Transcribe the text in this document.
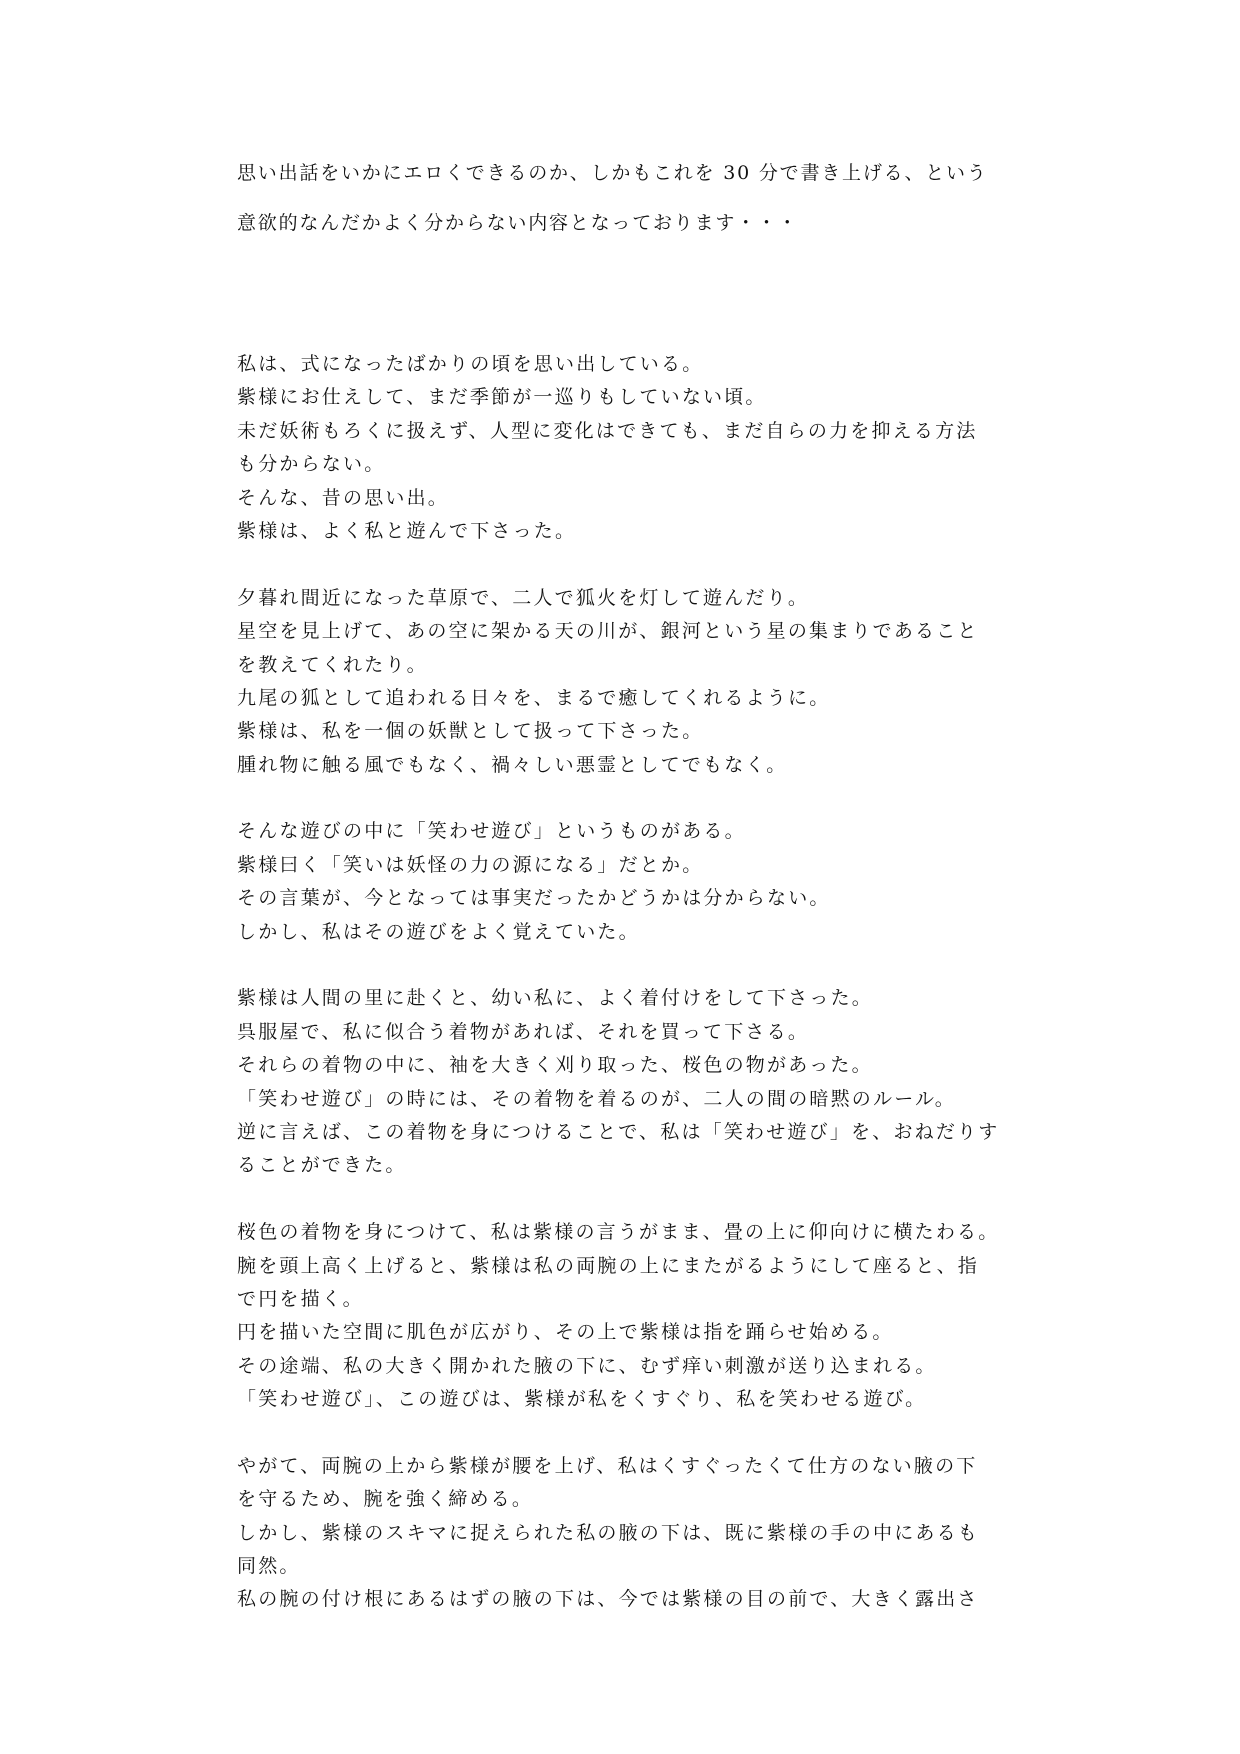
思い出話をいかにエロくできるのか、しかもこれを 30 分で書き上げる、という
意欲的なんだかよく分からない内容となっております・・・
私は、式になったばかりの頃を思い出している。
紫様にお仕えして、まだ季節が一巡りもしていない頃。
未だ妖術もろくに扱えず、人型に変化はできても、まだ自らの力を抑える方法
も分からない。
そんな、昔の思い出。
紫様は、よく私と遊んで下さった。
夕暮れ間近になった草原で、二人で狐火を灯して遊んだり。
星空を見上げて、あの空に架かる天の川が、銀河という星の集まりであること
を教えてくれたり。
九尾の狐として追われる日々を、まるで癒してくれるように。
紫様は、私を一個の妖獣として扱って下さった。
腫れ物に触る風でもなく、禍々しい悪霊としてでもなく。
そんな遊びの中に「笑わせ遊び」というものがある。
紫様曰く「笑いは妖怪の力の源になる」だとか。
その言葉が、今となっては事実だったかどうかは分からない。
しかし、私はその遊びをよく覚えていた。
紫様は人間の里に赴くと、幼い私に、よく着付けをして下さった。
呉服屋で、私に似合う着物があれば、それを買って下さる。
それらの着物の中に、袖を大きく刈り取った、桜色の物があった。
「笑わせ遊び」の時には、その着物を着るのが、二人の間の暗黙のルール。
逆に言えば、この着物を身につけることで、私は「笑わせ遊び」を、おねだりす
ることができた。
桜色の着物を身につけて、私は紫様の言うがまま、畳の上に仰向けに横たわる。
腕を頭上高く上げると、紫様は私の両腕の上にまたがるようにして座ると、指
で円を描く。
円を描いた空間に肌色が広がり、その上で紫様は指を踊らせ始める。
その途端、私の大きく開かれた腋の下に、むず痒い刺激が送り込まれる。
「笑わせ遊び」、この遊びは、紫様が私をくすぐり、私を笑わせる遊び。
やがて、両腕の上から紫様が腰を上げ、私はくすぐったくて仕方のない腋の下
を守るため、腕を強く締める。
しかし、紫様のスキマに捉えられた私の腋の下は、既に紫様の手の中にあるも
同然。
私の腕の付け根にあるはずの腋の下は、今では紫様の目の前で、大きく露出さ
